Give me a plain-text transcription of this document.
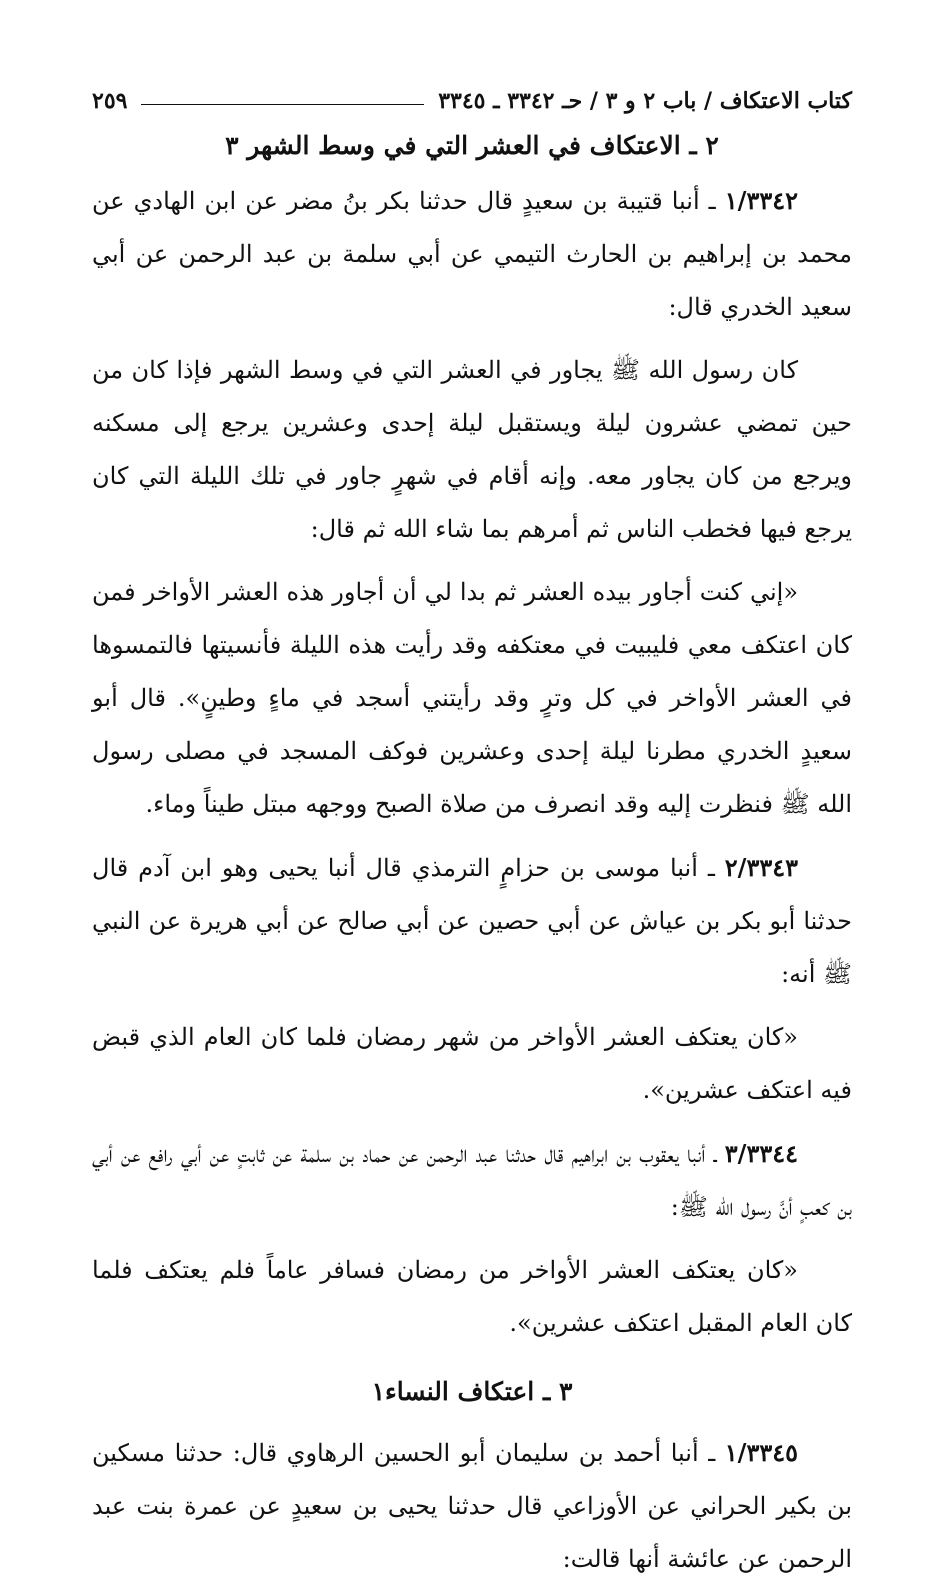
كتاب الاعتكاف / باب ٢ و ٣ / حـ ٣٣٤٢ ـ ٣٣٤٥
٢٥٩
٢ ـ الاعتكاف في العشر التي في وسط الشهر ٣

١/٣٣٤٢ ـ أنبا قتيبة بن سعيدٍ قال حدثنا بكر بنُ مضر عن ابن الهادي عن محمد بن إبراهيم بن الحارث التيمي عن أبي سلمة بن عبد الرحمن عن أبي سعيد الخدري قال:

كان رسول الله ﷺ يجاور في العشر التي في وسط الشهر فإذا كان من حين تمضي عشرون ليلة ويستقبل ليلة إحدى وعشرين يرجع إلى مسكنه ويرجع من كان يجاور معه. وإنه أقام في شهرٍ جاور في تلك الليلة التي كان يرجع فيها فخطب الناس ثم أمرهم بما شاء الله ثم قال:

«إني كنت أجاور بيده العشر ثم بدا لي أن أجاور هذه العشر الأواخر فمن كان اعتكف معي فليبيت في معتكفه وقد رأيت هذه الليلة فأنسيتها فالتمسوها في العشر الأواخر في كل وترٍ وقد رأيتني أسجد في ماءٍ وطينٍ». قال أبو سعيدٍ الخدري مطرنا ليلة إحدى وعشرين فوكف المسجد في مصلى رسول الله ﷺ فنظرت إليه وقد انصرف من صلاة الصبح ووجهه مبتل طيناً وماء.

٢/٣٣٤٣ ـ أنبا موسى بن حزامٍ الترمذي قال أنبا يحيى وهو ابن آدم قال حدثنا أبو بكر بن عياش عن أبي حصين عن أبي صالح عن أبي هريرة عن النبي ﷺ أنه:

«كان يعتكف العشر الأواخر من شهر رمضان فلما كان العام الذي قبض فيه اعتكف عشرين».

٣/٣٣٤٤ ـ أنبا يعقوب بن ابراهيم قال حدثنا عبد الرحمن عن حماد بن سلمة عن ثابتٍ عن أبي رافع عن أبي بن كعبٍ أنَّ رسول الله ﷺ:

«كان يعتكف العشر الأواخر من رمضان فسافر عاماً فلم يعتكف فلما كان العام المقبل اعتكف عشرين».

٣ ـ اعتكاف النساء١

١/٣٣٤٥ ـ أنبا أحمد بن سليمان أبو الحسين الرهاوي قال: حدثنا مسكين بن بكير الحراني عن الأوزاعي قال حدثنا يحيى بن سعيدٍ عن عمرة بنت عبد الرحمن عن عائشة أنها قالت:
